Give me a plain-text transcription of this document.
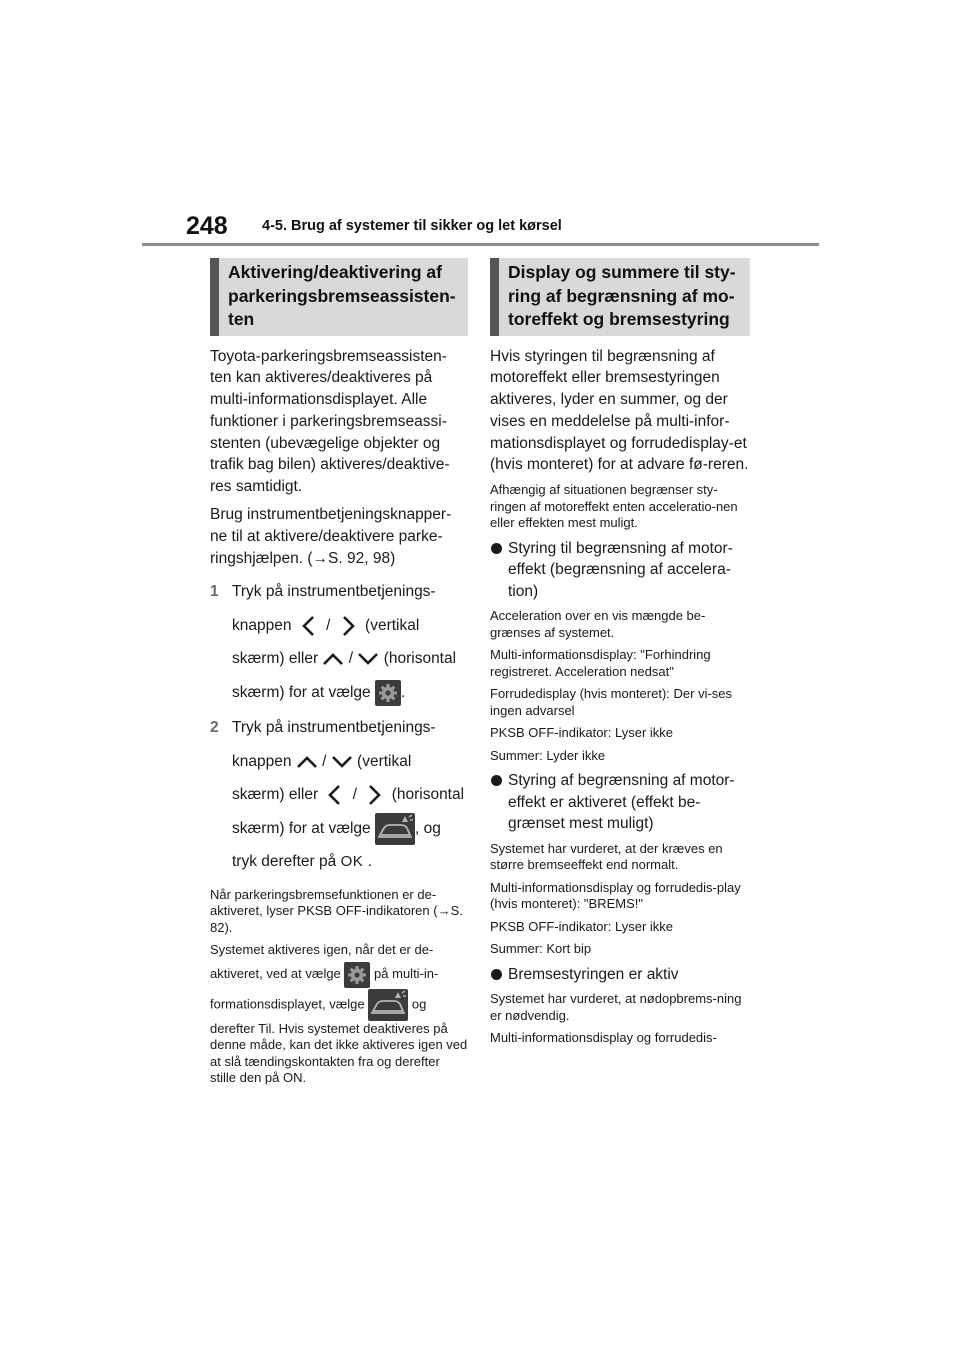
248 4-5. Brug af systemer til sikker og let kørsel
Aktivering/deaktivering af
parkeringsbremseassisten-
ten

Toyota-parkeringsbremseassisten-ten kan aktiveres/deaktiveres på multi-informationsdisplayet. Alle funktioner i parkeringsbremseassi-stenten (ubevægelige objekter og trafik bag bilen) aktiveres/deaktive-res samtidigt.

Brug instrumentbetjeningsknapper-ne til at aktivere/deaktivere parke-ringshjælpen. (→S. 92, 98)

1 Tryk på instrumentbetjenings-
knappen / (vertikal
skærm) eller / (horisontal
skærm) for at vælge .
2 Tryk på instrumentbetjenings-
knappen / (vertikal
skærm) eller / (horisontal
skærm) for at vælge	, og
tryk derefter på OK .

Når parkeringsbremsefunktionen er de-aktiveret, lyser PKSB OFF-indikatoren (→S. 82).

Systemet aktiveres igen, når det er de-
aktiveret, ved at vælge	på multi-in-
formationsdisplayet, vælge	og
derefter Til. Hvis systemet deaktiveres på denne måde, kan det ikke aktiveres igen ved at slå tændingskontakten fra og derefter stille den på ON.
Display og summere til sty-
ring af begrænsning af mo-
toreffekt og bremsestyring

Hvis styringen til begrænsning af motoreffekt eller bremsestyringen aktiveres, lyder en summer, og der vises en meddelelse på multi-infor-mationsdisplayet og forrudedisplay-et (hvis monteret) for at advare fø-reren.

Afhængig af situationen begrænser sty-ringen af motoreffekt enten acceleratio-nen eller effekten mest muligt.

Styring til begrænsning af motor-effekt (begrænsning af accelera-tion)

Acceleration over en vis mængde be-grænses af systemet.

Multi-informationsdisplay: "Forhindring registreret. Acceleration nedsat"

Forrudedisplay (hvis monteret): Der vi-ses ingen advarsel

PKSB OFF-indikator: Lyser ikke

Summer: Lyder ikke

Styring af begrænsning af motor-effekt er aktiveret (effekt be-grænset mest muligt)

Systemet har vurderet, at der kræves en større bremseeffekt end normalt.

Multi-informationsdisplay og forrudedis-play (hvis monteret): "BREMS!"

PKSB OFF-indikator: Lyser ikke

Summer: Kort bip

Bremsestyringen er aktiv

Systemet har vurderet, at nødopbrems-ning er nødvendig.

Multi-informationsdisplay og forrudedis-
